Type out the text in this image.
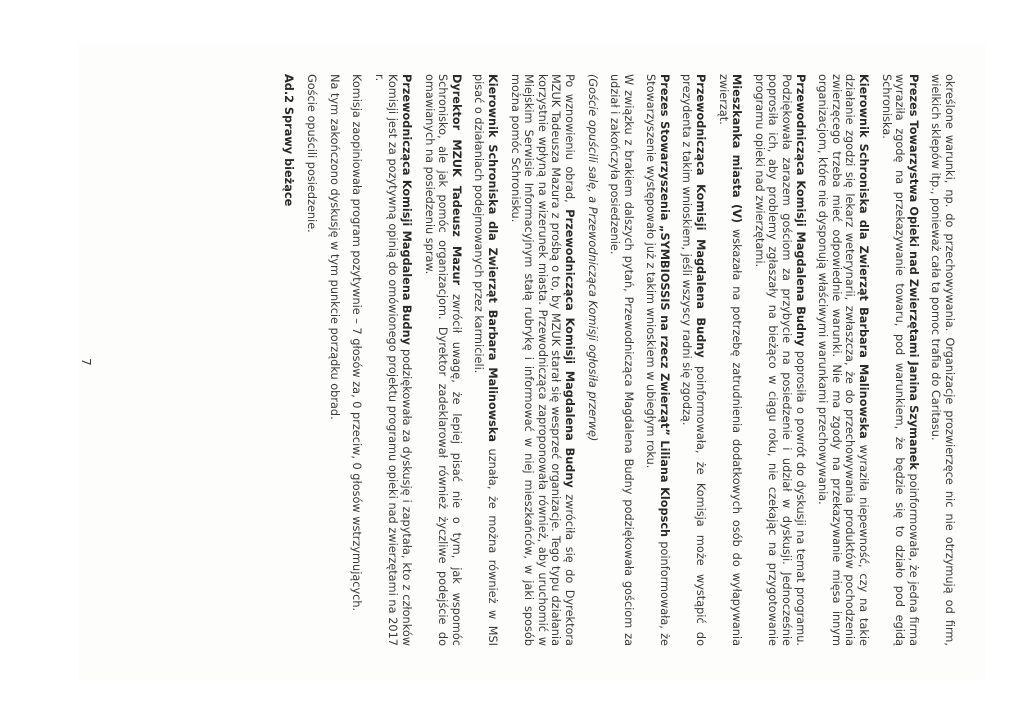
określone warunki, np. do przechowywania. Organizacje prozwierzęce nic nie otrzymują od firm, wielkich sklepów itp., ponieważ cała ta pomoc trafia do Caritasu.

Prezes Towarzystwa Opieki nad Zwierzętami Janina Szymanek poinformowała, że jedna firma wyraziła zgodę na przekazywanie towaru, pod warunkiem, że będzie się to działo pod egidą Schroniska.

Kierownik Schroniska dla Zwierząt Barbara Malinowska wyraziła niepewność, czy na takie działanie zgodzi się lekarz weterynarii, zwłaszcza, że do przechowywania produktów pochodzenia zwierzęcego trzeba mieć odpowiednie warunki. Nie ma zgody na przekazywanie mięsa innym organizacjom, które nie dysponują właściwymi warunkami przechowywania.

Przewodnicząca Komisji Magdalena Budny poprosiła o powrót do dyskusji na temat programu. Podziękowała zarazem gościom za przybycie na posiedzenie i udział w dyskusji. Jednocześnie poprosiła ich, aby problemy zgłaszały na bieżąco w ciągu roku, nie czekając na przygotowanie programu opieki nad zwierzętami.

Mieszkanka miasta (V) wskazała na potrzebę zatrudnienia dodatkowych osób do wyłapywania zwierząt.

Przewodnicząca Komisji Magdalena Budny poinformowała, że Komisja może wystąpić do prezydenta z takim wnioskiem, jeśli wszyscy radni się zgodzą.

Prezes Stowarzyszenia „SYMBIOSSIS na rzecz Zwierząt” Liliana Klopsch poinformowała, że Stowarzyszenie występowało już z takim wnioskiem w ubiegłym roku.

W związku z brakiem dalszych pytań, Przewodnicząca Magdalena Budny podziękowała gościom za udział i zakończyła posiedzenie.

(Goście opuścili salę, a Przewodnicząca Komisji ogłosiła przerwę)

Po wznowieniu obrad, Przewodnicząca Komisji Magdalena Budny zwróciła się do Dyrektora MZUK Tadeusza Mazura z prośbą o to, by MZUK starał się wesprzeć organizacje. Tego typu działania korzystnie wpłyną na wizerunek miasta. Przewodnicząca zaproponowała również, aby uruchomić w Miejskim Serwisie Informacyjnym stałą rubrykę i informować w niej mieszkańców, w jaki sposób można pomóc Schronisku.

Kierownik Schroniska dla Zwierząt Barbara Malinowska uznała, że można również w MSI pisać o działaniach podejmowanych przez karmicieli.

Dyrektor MZUK Tadeusz Mazur zwrócił uwagę, że lepiej pisać nie o tym, jak wspomóc Schronisko, ale jak pomóc organizacjom. Dyrektor zadeklarował również życzliwe podejście do omawianych na posiedzeniu spraw.

Przewodnicząca Komisji Magdalena Budny podziękowała za dyskusję i zapytała, kto z członków Komisji jest za pozytywną opinią do omówionego projektu programu opieki nad zwierzętami na 2017 r.

Komisja zaopiniowała program pozytywnie – 7 głosów za, 0 przeciw, 0 głosów wstrzymujących.

Na tym zakończono dyskusję w tym punkcie porządku obrad.

Goście opuścili posiedzenie.

Ad.2 Sprawy bieżące
7
